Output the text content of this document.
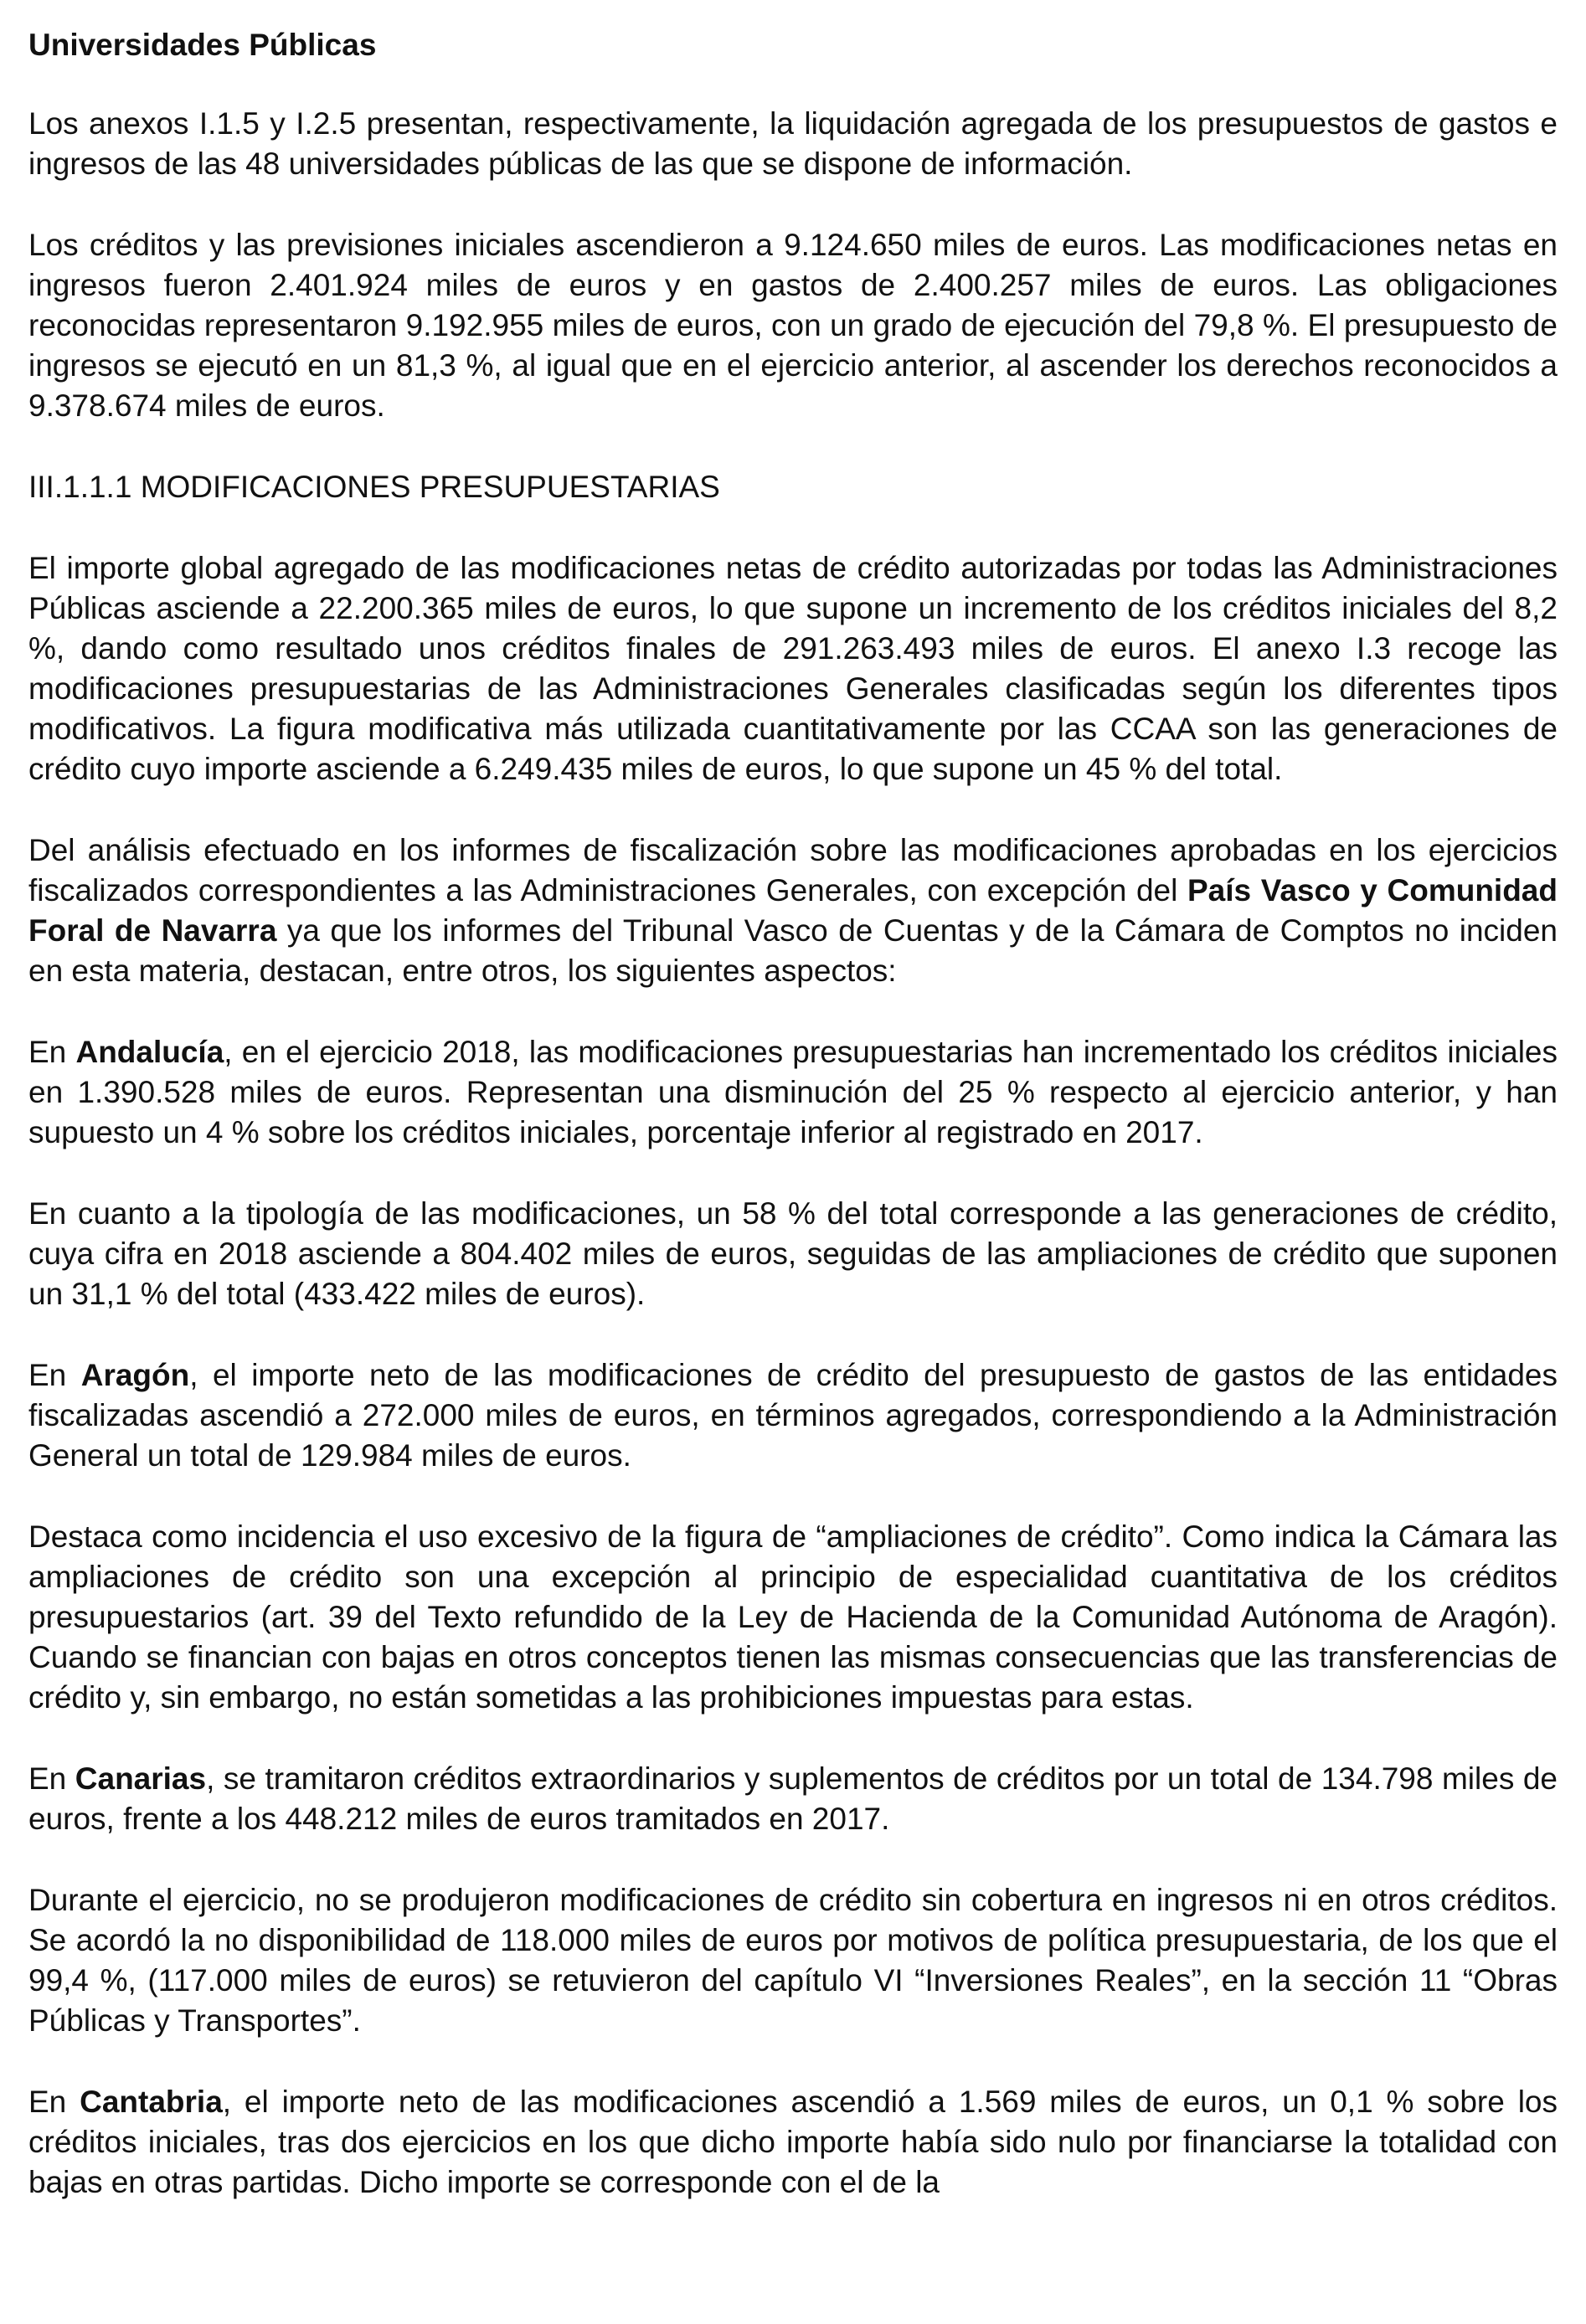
Universidades Públicas

Los anexos I.1.5 y I.2.5 presentan, respectivamente, la liquidación agregada de los presupuestos de gastos e ingresos de las 48 universidades públicas de las que se dispone de información.

Los créditos y las previsiones iniciales ascendieron a 9.124.650 miles de euros. Las modificaciones netas en ingresos fueron 2.401.924 miles de euros y en gastos de 2.400.257 miles de euros. Las obligaciones reconocidas representaron 9.192.955 miles de euros, con un grado de ejecución del 79,8 %. El presupuesto de ingresos se ejecutó en un 81,3 %, al igual que en el ejercicio anterior, al ascender los derechos reconocidos a 9.378.674 miles de euros.

III.1.1.1 MODIFICACIONES PRESUPUESTARIAS

El importe global agregado de las modificaciones netas de crédito autorizadas por todas las Administraciones Públicas asciende a 22.200.365 miles de euros, lo que supone un incremento de los créditos iniciales del 8,2 %, dando como resultado unos créditos finales de 291.263.493 miles de euros. El anexo I.3 recoge las modificaciones presupuestarias de las Administraciones Generales clasificadas según los diferentes tipos modificativos. La figura modificativa más utilizada cuantitativamente por las CCAA son las generaciones de crédito cuyo importe asciende a 6.249.435 miles de euros, lo que supone un 45 % del total.

Del análisis efectuado en los informes de fiscalización sobre las modificaciones aprobadas en los ejercicios fiscalizados correspondientes a las Administraciones Generales, con excepción del País Vasco y Comunidad Foral de Navarra ya que los informes del Tribunal Vasco de Cuentas y de la Cámara de Comptos no inciden en esta materia, destacan, entre otros, los siguientes aspectos:

En Andalucía, en el ejercicio 2018, las modificaciones presupuestarias han incrementado los créditos iniciales en 1.390.528 miles de euros. Representan una disminución del 25 % respecto al ejercicio anterior, y han supuesto un 4 % sobre los créditos iniciales, porcentaje inferior al registrado en 2017.

En cuanto a la tipología de las modificaciones, un 58 % del total corresponde a las generaciones de crédito, cuya cifra en 2018 asciende a 804.402 miles de euros, seguidas de las ampliaciones de crédito que suponen un 31,1 % del total (433.422 miles de euros).

En Aragón, el importe neto de las modificaciones de crédito del presupuesto de gastos de las entidades fiscalizadas ascendió a 272.000 miles de euros, en términos agregados, correspondiendo a la Administración General un total de 129.984 miles de euros.

Destaca como incidencia el uso excesivo de la figura de “ampliaciones de crédito”. Como indica la Cámara las ampliaciones de crédito son una excepción al principio de especialidad cuantitativa de los créditos presupuestarios (art. 39 del Texto refundido de la Ley de Hacienda de la Comunidad Autónoma de Aragón). Cuando se financian con bajas en otros conceptos tienen las mismas consecuencias que las transferencias de crédito y, sin embargo, no están sometidas a las prohibiciones impuestas para estas.

En Canarias, se tramitaron créditos extraordinarios y suplementos de créditos por un total de 134.798 miles de euros, frente a los 448.212 miles de euros tramitados en 2017.

Durante el ejercicio, no se produjeron modificaciones de crédito sin cobertura en ingresos ni en otros créditos. Se acordó la no disponibilidad de 118.000 miles de euros por motivos de política presupuestaria, de los que el 99,4 %, (117.000 miles de euros) se retuvieron del capítulo VI “Inversiones Reales”, en la sección 11 “Obras Públicas y Transportes”.

En Cantabria, el importe neto de las modificaciones ascendió a 1.569 miles de euros, un 0,1 % sobre los créditos iniciales, tras dos ejercicios en los que dicho importe había sido nulo por financiarse la totalidad con bajas en otras partidas. Dicho importe se corresponde con el de la
